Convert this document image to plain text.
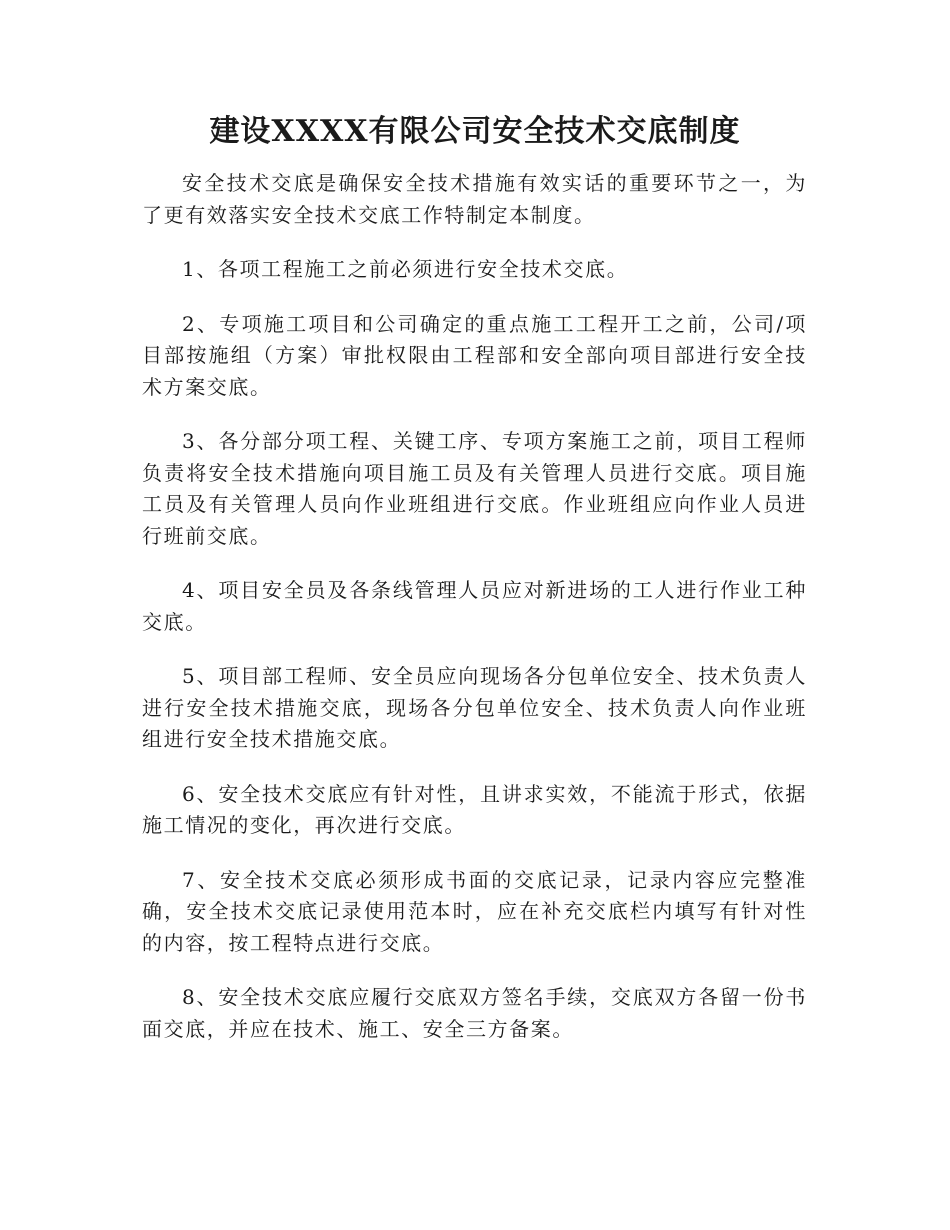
建设XXXX有限公司安全技术交底制度

安全技术交底是确保安全技术措施有效实话的重要环节之一，为了更有效落实安全技术交底工作特制定本制度。

1、各项工程施工之前必须进行安全技术交底。

2、专项施工项目和公司确定的重点施工工程开工之前，公司/项目部按施组（方案）审批权限由工程部和安全部向项目部进行安全技术方案交底。

3、各分部分项工程、关键工序、专项方案施工之前，项目工程师负责将安全技术措施向项目施工员及有关管理人员进行交底。项目施工员及有关管理人员向作业班组进行交底。作业班组应向作业人员进行班前交底。

4、项目安全员及各条线管理人员应对新进场的工人进行作业工种交底。

5、项目部工程师、安全员应向现场各分包单位安全、技术负责人进行安全技术措施交底，现场各分包单位安全、技术负责人向作业班组进行安全技术措施交底。

6、安全技术交底应有针对性，且讲求实效，不能流于形式，依据施工情况的变化，再次进行交底。

7、安全技术交底必须形成书面的交底记录，记录内容应完整准确，安全技术交底记录使用范本时，应在补充交底栏内填写有针对性的内容，按工程特点进行交底。

8、安全技术交底应履行交底双方签名手续，交底双方各留一份书面交底，并应在技术、施工、安全三方备案。
